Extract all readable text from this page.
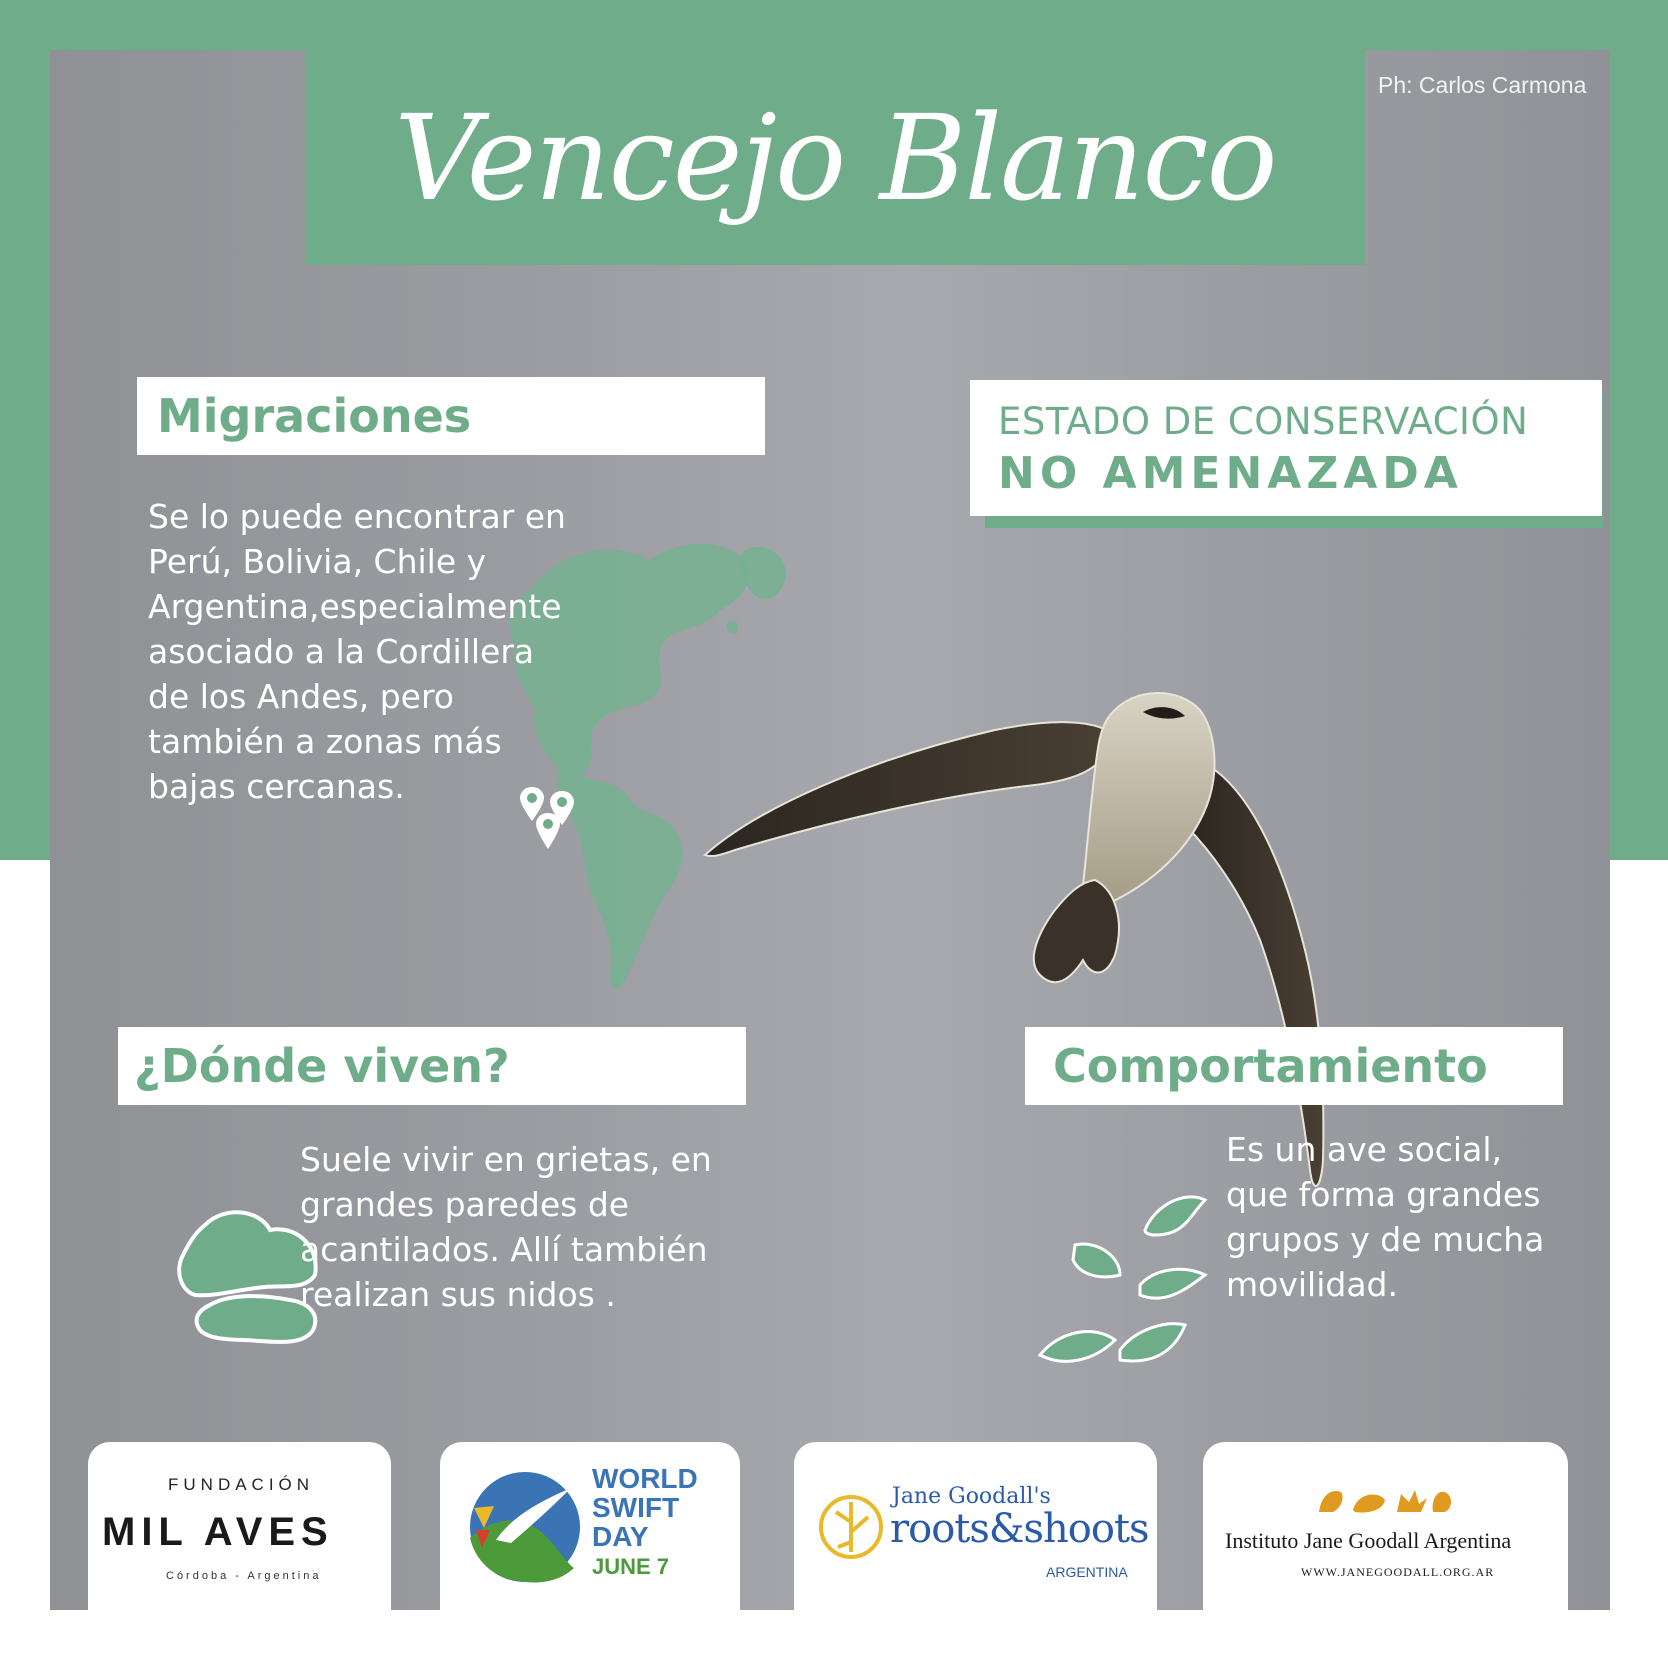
Vencejo Blanco
Ph: Carlos Carmona
Migraciones
Se lo puede encontrar en
Perú, Bolivia, Chile y
Argentina,especialmente
asociado a la Cordillera
de los Andes, pero
también a zonas más
bajas cercanas.
ESTADO DE CONSERVACIÓN
NO AMENAZADA
¿Dónde viven?
Suele vivir en grietas, en
grandes paredes de
acantilados. Allí también
realizan sus nidos .
Comportamiento
Es un ave social,
que forma grandes
grupos y de mucha
movilidad.
FUNDACIÓN
MIL AVES
Córdoba - Argentina
WORLD
SWIFT
DAY
JUNE 7
Jane Goodall's
roots&shoots
ARGENTINA
Instituto Jane Goodall Argentina
WWW.JANEGOODALL.ORG.AR
